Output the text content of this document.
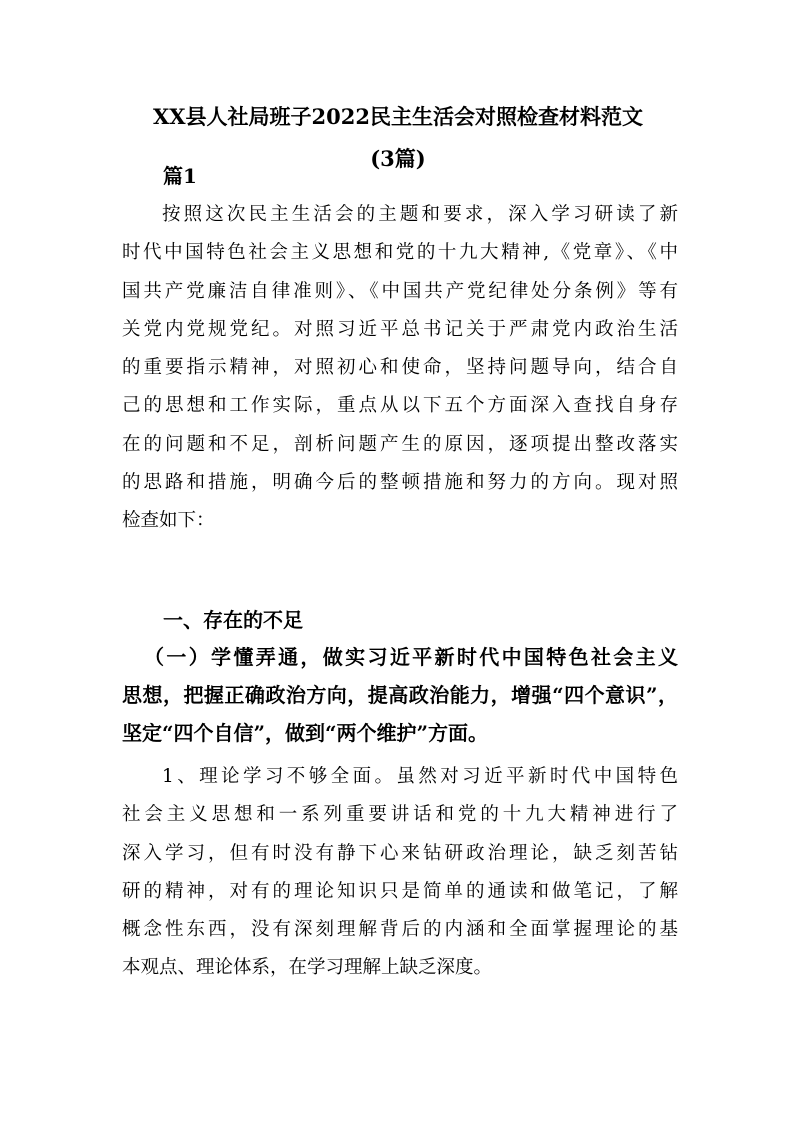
XX县人社局班子2022民主生活会对照检查材料范文
(3篇)
篇1
按照这次民主生活会的主题和要求，深入学习研读了新
时代中国特色社会主义思想和党的十九大精神,《党章》、《中
国共产党廉洁自律准则》、《中国共产党纪律处分条例》等有
关党内党规党纪。对照习近平总书记关于严肃党内政治生活
的重要指示精神，对照初心和使命，坚持问题导向，结合自
己的思想和工作实际，重点从以下五个方面深入查找自身存
在的问题和不足，剖析问题产生的原因，逐项提出整改落实
的思路和措施，明确今后的整顿措施和努力的方向。现对照
检查如下：
一、存在的不足
（一）学懂弄通，做实习近平新时代中国特色社会主义
思想，把握正确政治方向，提高政治能力，增强“四个意识”，
坚定“四个自信”，做到“两个维护”方面。
1、理论学习不够全面。虽然对习近平新时代中国特色
社会主义思想和一系列重要讲话和党的十九大精神进行了
深入学习，但有时没有静下心来钻研政治理论，缺乏刻苦钻
研的精神，对有的理论知识只是简单的通读和做笔记，了解
概念性东西，没有深刻理解背后的内涵和全面掌握理论的基
本观点、理论体系，在学习理解上缺乏深度。
